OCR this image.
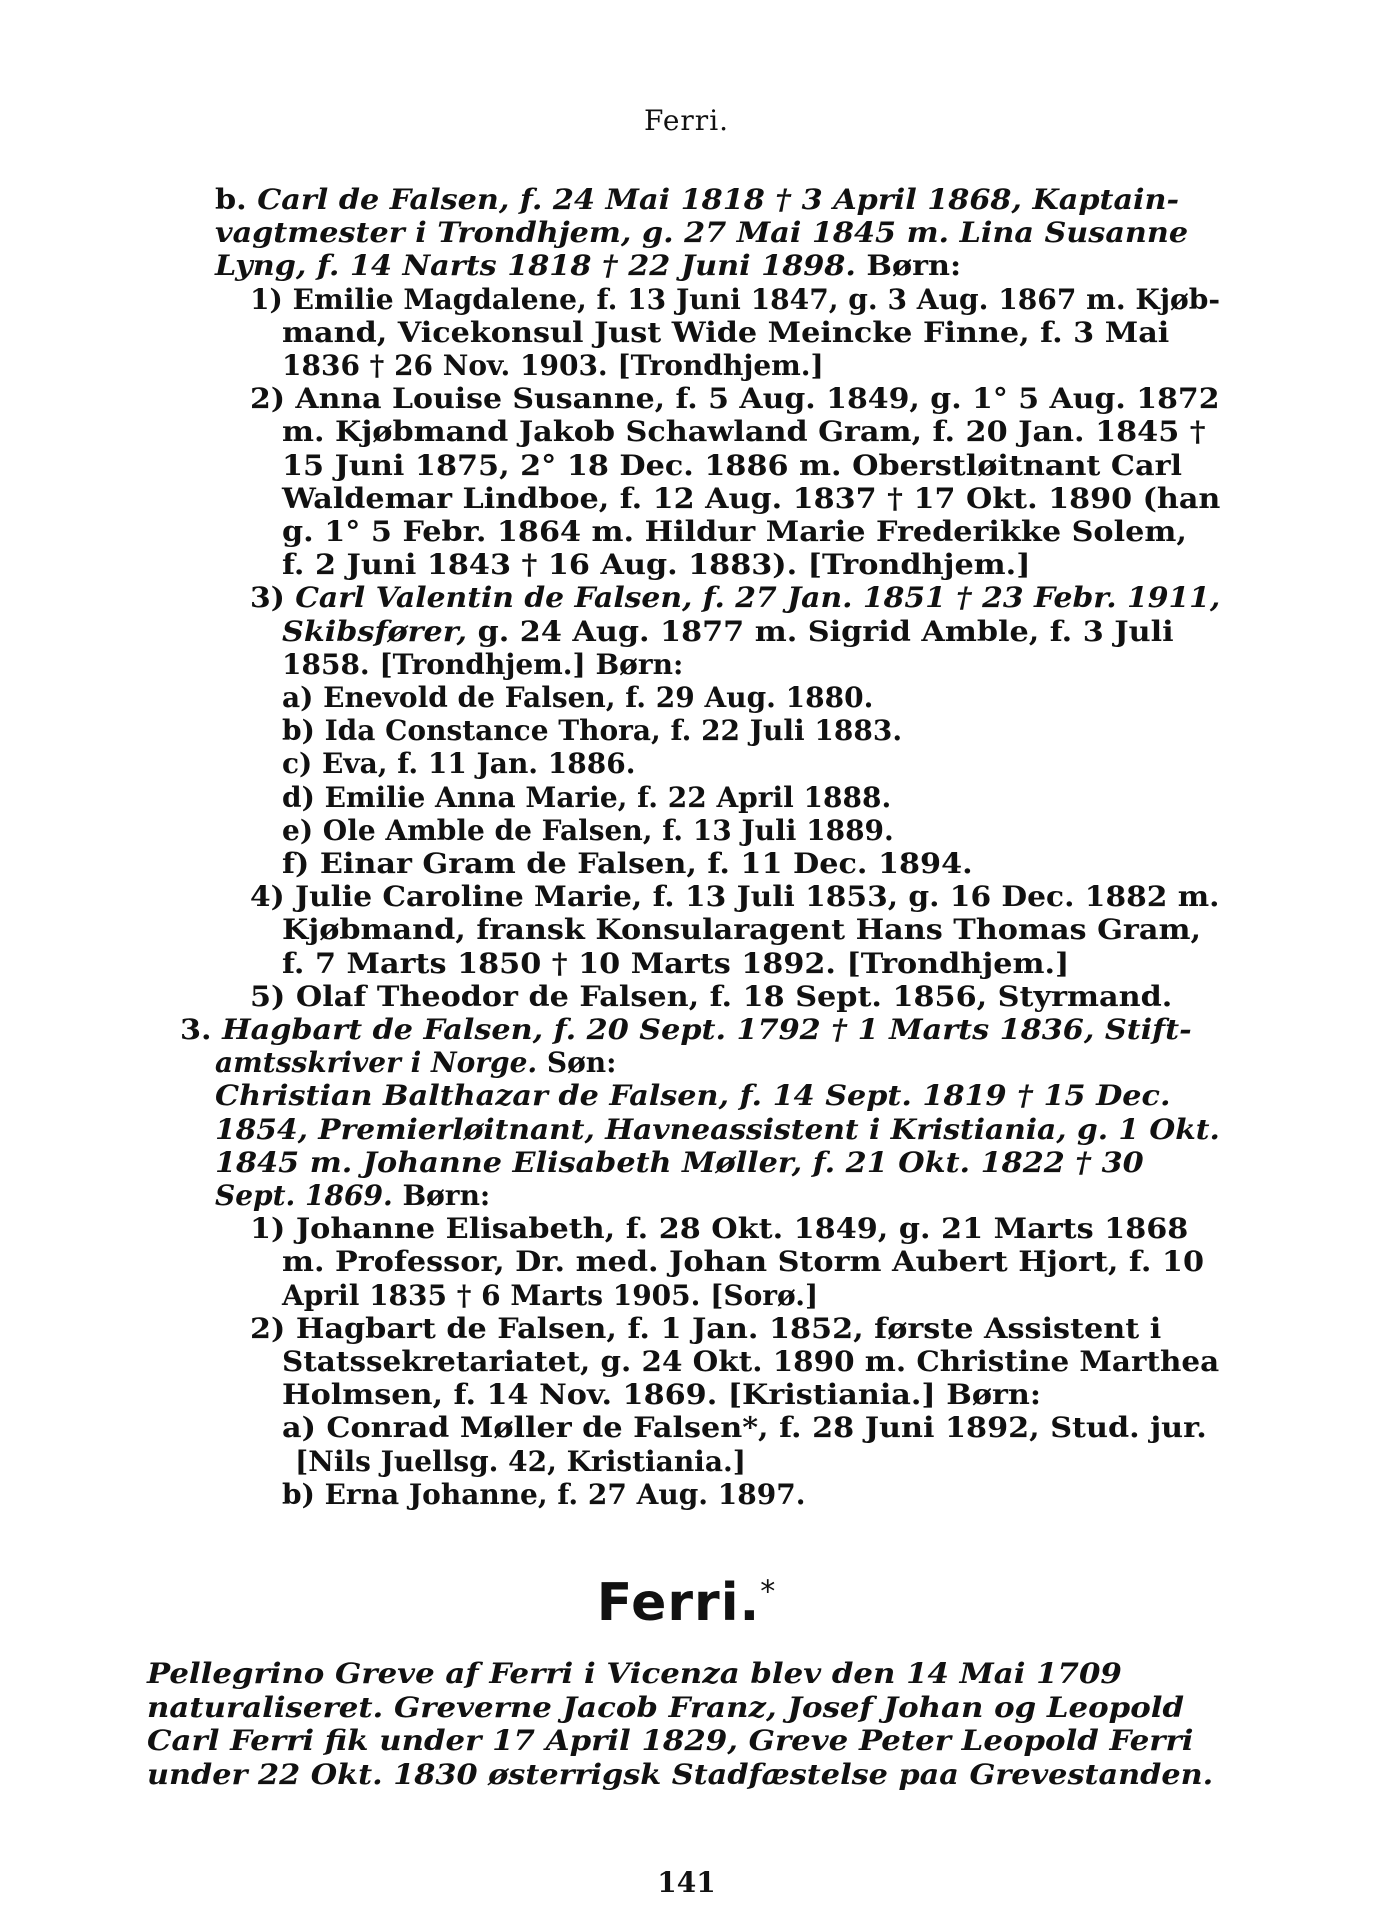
Ferri.
b. Carl de Falsen, f. 24 Mai 1818 † 3 April 1868, Kaptain-
vagtmester i Trondhjem, g. 27 Mai 1845 m. Lina Susanne
Lyng, f. 14 Narts 1818 † 22 Juni 1898. Børn:
1) Emilie Magdalene, f. 13 Juni 1847, g. 3 Aug. 1867 m. Kjøb-
mand, Vicekonsul Just Wide Meincke Finne, f. 3 Mai
1836 † 26 Nov. 1903. [Trondhjem.]
2) Anna Louise Susanne, f. 5 Aug. 1849, g. 1° 5 Aug. 1872
m. Kjøbmand Jakob Schawland Gram, f. 20 Jan. 1845 †
15 Juni 1875, 2° 18 Dec. 1886 m. Oberstløitnant Carl
Waldemar Lindboe, f. 12 Aug. 1837 † 17 Okt. 1890 (han
g. 1° 5 Febr. 1864 m. Hildur Marie Frederikke Solem,
f. 2 Juni 1843 † 16 Aug. 1883). [Trondhjem.]
3) Carl Valentin de Falsen, f. 27 Jan. 1851 † 23 Febr. 1911,
Skibsfører, g. 24 Aug. 1877 m. Sigrid Amble, f. 3 Juli
1858. [Trondhjem.] Børn:
a) Enevold de Falsen, f. 29 Aug. 1880.
b) Ida Constance Thora, f. 22 Juli 1883.
c) Eva, f. 11 Jan. 1886.
d) Emilie Anna Marie, f. 22 April 1888.
e) Ole Amble de Falsen, f. 13 Juli 1889.
f) Einar Gram de Falsen, f. 11 Dec. 1894.
4) Julie Caroline Marie, f. 13 Juli 1853, g. 16 Dec. 1882 m.
Kjøbmand, fransk Konsularagent Hans Thomas Gram,
f. 7 Marts 1850 † 10 Marts 1892. [Trondhjem.]
5) Olaf Theodor de Falsen, f. 18 Sept. 1856, Styrmand.
3. Hagbart de Falsen, f. 20 Sept. 1792 † 1 Marts 1836, Stift-
amtsskriver i Norge. Søn:
Christian Balthazar de Falsen, f. 14 Sept. 1819 † 15 Dec.
1854, Premierløitnant, Havneassistent i Kristiania, g. 1 Okt.
1845 m. Johanne Elisabeth Møller, f. 21 Okt. 1822 † 30
Sept. 1869. Børn:
1) Johanne Elisabeth, f. 28 Okt. 1849, g. 21 Marts 1868
m. Professor, Dr. med. Johan Storm Aubert Hjort, f. 10
April 1835 † 6 Marts 1905. [Sorø.]
2) Hagbart de Falsen, f. 1 Jan. 1852, første Assistent i
Statssekretariatet, g. 24 Okt. 1890 m. Christine Marthea
Holmsen, f. 14 Nov. 1869. [Kristiania.] Børn:
a) Conrad Møller de Falsen*, f. 28 Juni 1892, Stud. jur.
[Nils Juellsg. 42, Kristiania.]
b) Erna Johanne, f. 27 Aug. 1897.
Ferri.*
Pellegrino Greve af Ferri i Vicenza blev den 14 Mai 1709
naturaliseret. Greverne Jacob Franz, Josef Johan og Leopold
Carl Ferri fik under 17 April 1829, Greve Peter Leopold Ferri
under 22 Okt. 1830 østerrigsk Stadfæstelse paa Grevestanden.
141
